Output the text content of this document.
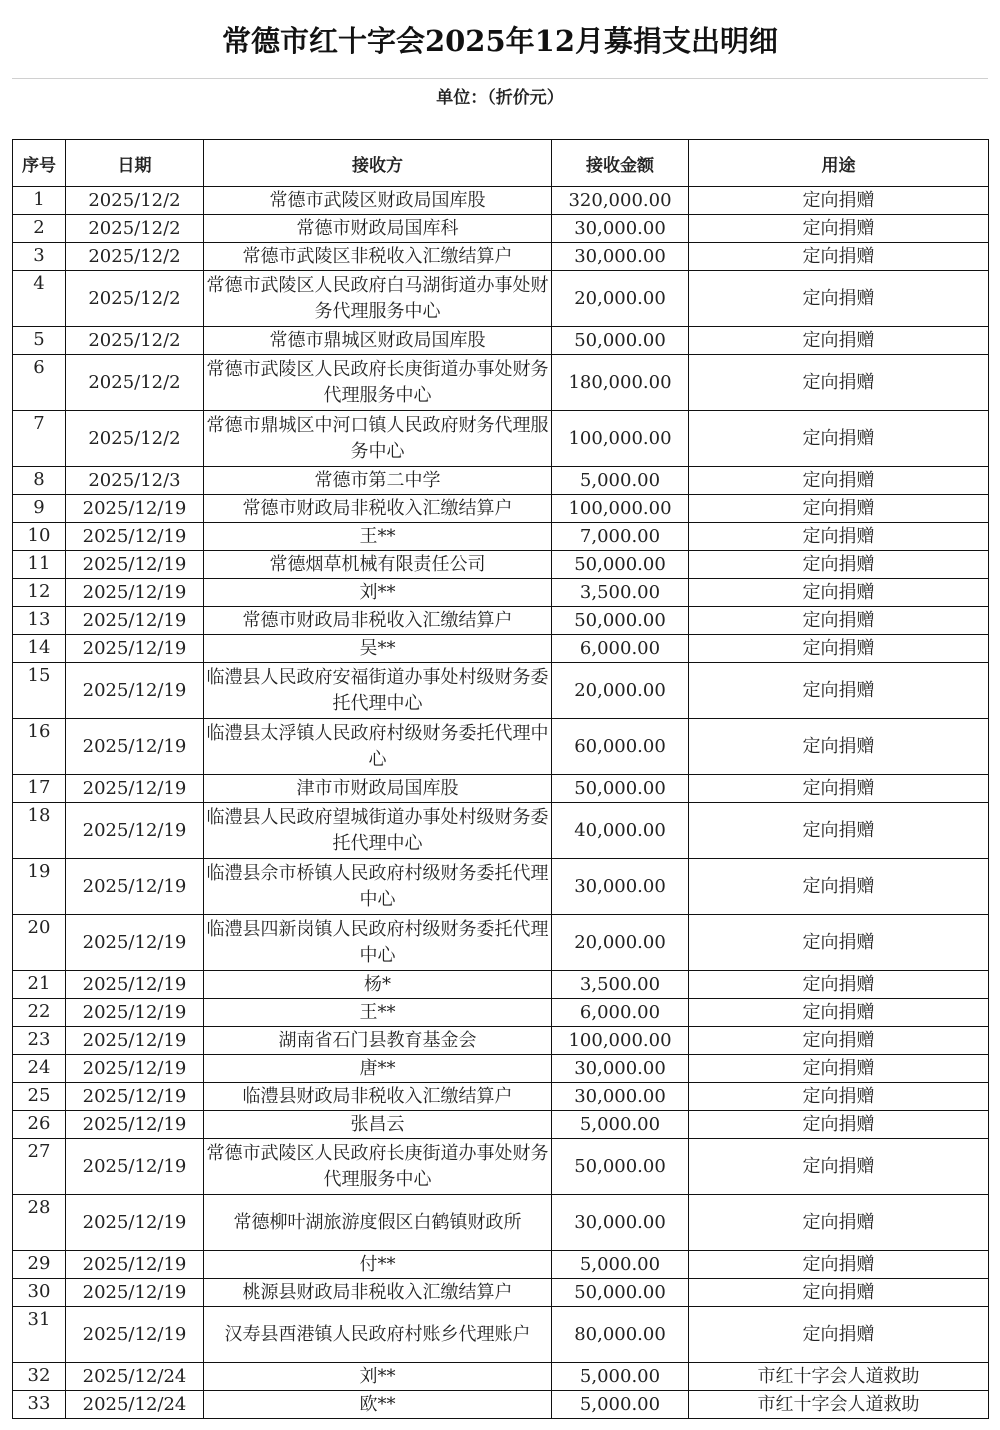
常德市红十字会2025年12月募捐支出明细
单位：（折价元）
序号	日期	接收方	接收金额	用途
1	2025/12/2	常德市武陵区财政局国库股	320,000.00	定向捐赠
2	2025/12/2	常德市财政局国库科	30,000.00	定向捐赠
3	2025/12/2	常德市武陵区非税收入汇缴结算户	30,000.00	定向捐赠
4	2025/12/2	常德市武陵区人民政府白马湖街道办事处财务代理服务中心	20,000.00	定向捐赠
5	2025/12/2	常德市鼎城区财政局国库股	50,000.00	定向捐赠
6	2025/12/2	常德市武陵区人民政府长庚街道办事处财务代理服务中心	180,000.00	定向捐赠
7	2025/12/2	常德市鼎城区中河口镇人民政府财务代理服务中心	100,000.00	定向捐赠
8	2025/12/3	常德市第二中学	5,000.00	定向捐赠
9	2025/12/19	常德市财政局非税收入汇缴结算户	100,000.00	定向捐赠
10	2025/12/19	王**	7,000.00	定向捐赠
11	2025/12/19	常德烟草机械有限责任公司	50,000.00	定向捐赠
12	2025/12/19	刘**	3,500.00	定向捐赠
13	2025/12/19	常德市财政局非税收入汇缴结算户	50,000.00	定向捐赠
14	2025/12/19	吴**	6,000.00	定向捐赠
15	2025/12/19	临澧县人民政府安福街道办事处村级财务委托代理中心	20,000.00	定向捐赠
16	2025/12/19	临澧县太浮镇人民政府村级财务委托代理中心	60,000.00	定向捐赠
17	2025/12/19	津市市财政局国库股	50,000.00	定向捐赠
18	2025/12/19	临澧县人民政府望城街道办事处村级财务委托代理中心	40,000.00	定向捐赠
19	2025/12/19	临澧县佘市桥镇人民政府村级财务委托代理中心	30,000.00	定向捐赠
20	2025/12/19	临澧县四新岗镇人民政府村级财务委托代理中心	20,000.00	定向捐赠
21	2025/12/19	杨*	3,500.00	定向捐赠
22	2025/12/19	王**	6,000.00	定向捐赠
23	2025/12/19	湖南省石门县教育基金会	100,000.00	定向捐赠
24	2025/12/19	唐**	30,000.00	定向捐赠
25	2025/12/19	临澧县财政局非税收入汇缴结算户	30,000.00	定向捐赠
26	2025/12/19	张昌云	5,000.00	定向捐赠
27	2025/12/19	常德市武陵区人民政府长庚街道办事处财务代理服务中心	50,000.00	定向捐赠
28	2025/12/19	常德柳叶湖旅游度假区白鹤镇财政所	30,000.00	定向捐赠
29	2025/12/19	付**	5,000.00	定向捐赠
30	2025/12/19	桃源县财政局非税收入汇缴结算户	50,000.00	定向捐赠
31	2025/12/19	汉寿县酉港镇人民政府村账乡代理账户	80,000.00	定向捐赠
32	2025/12/24	刘**	5,000.00	市红十字会人道救助
33	2025/12/24	欧**	5,000.00	市红十字会人道救助
